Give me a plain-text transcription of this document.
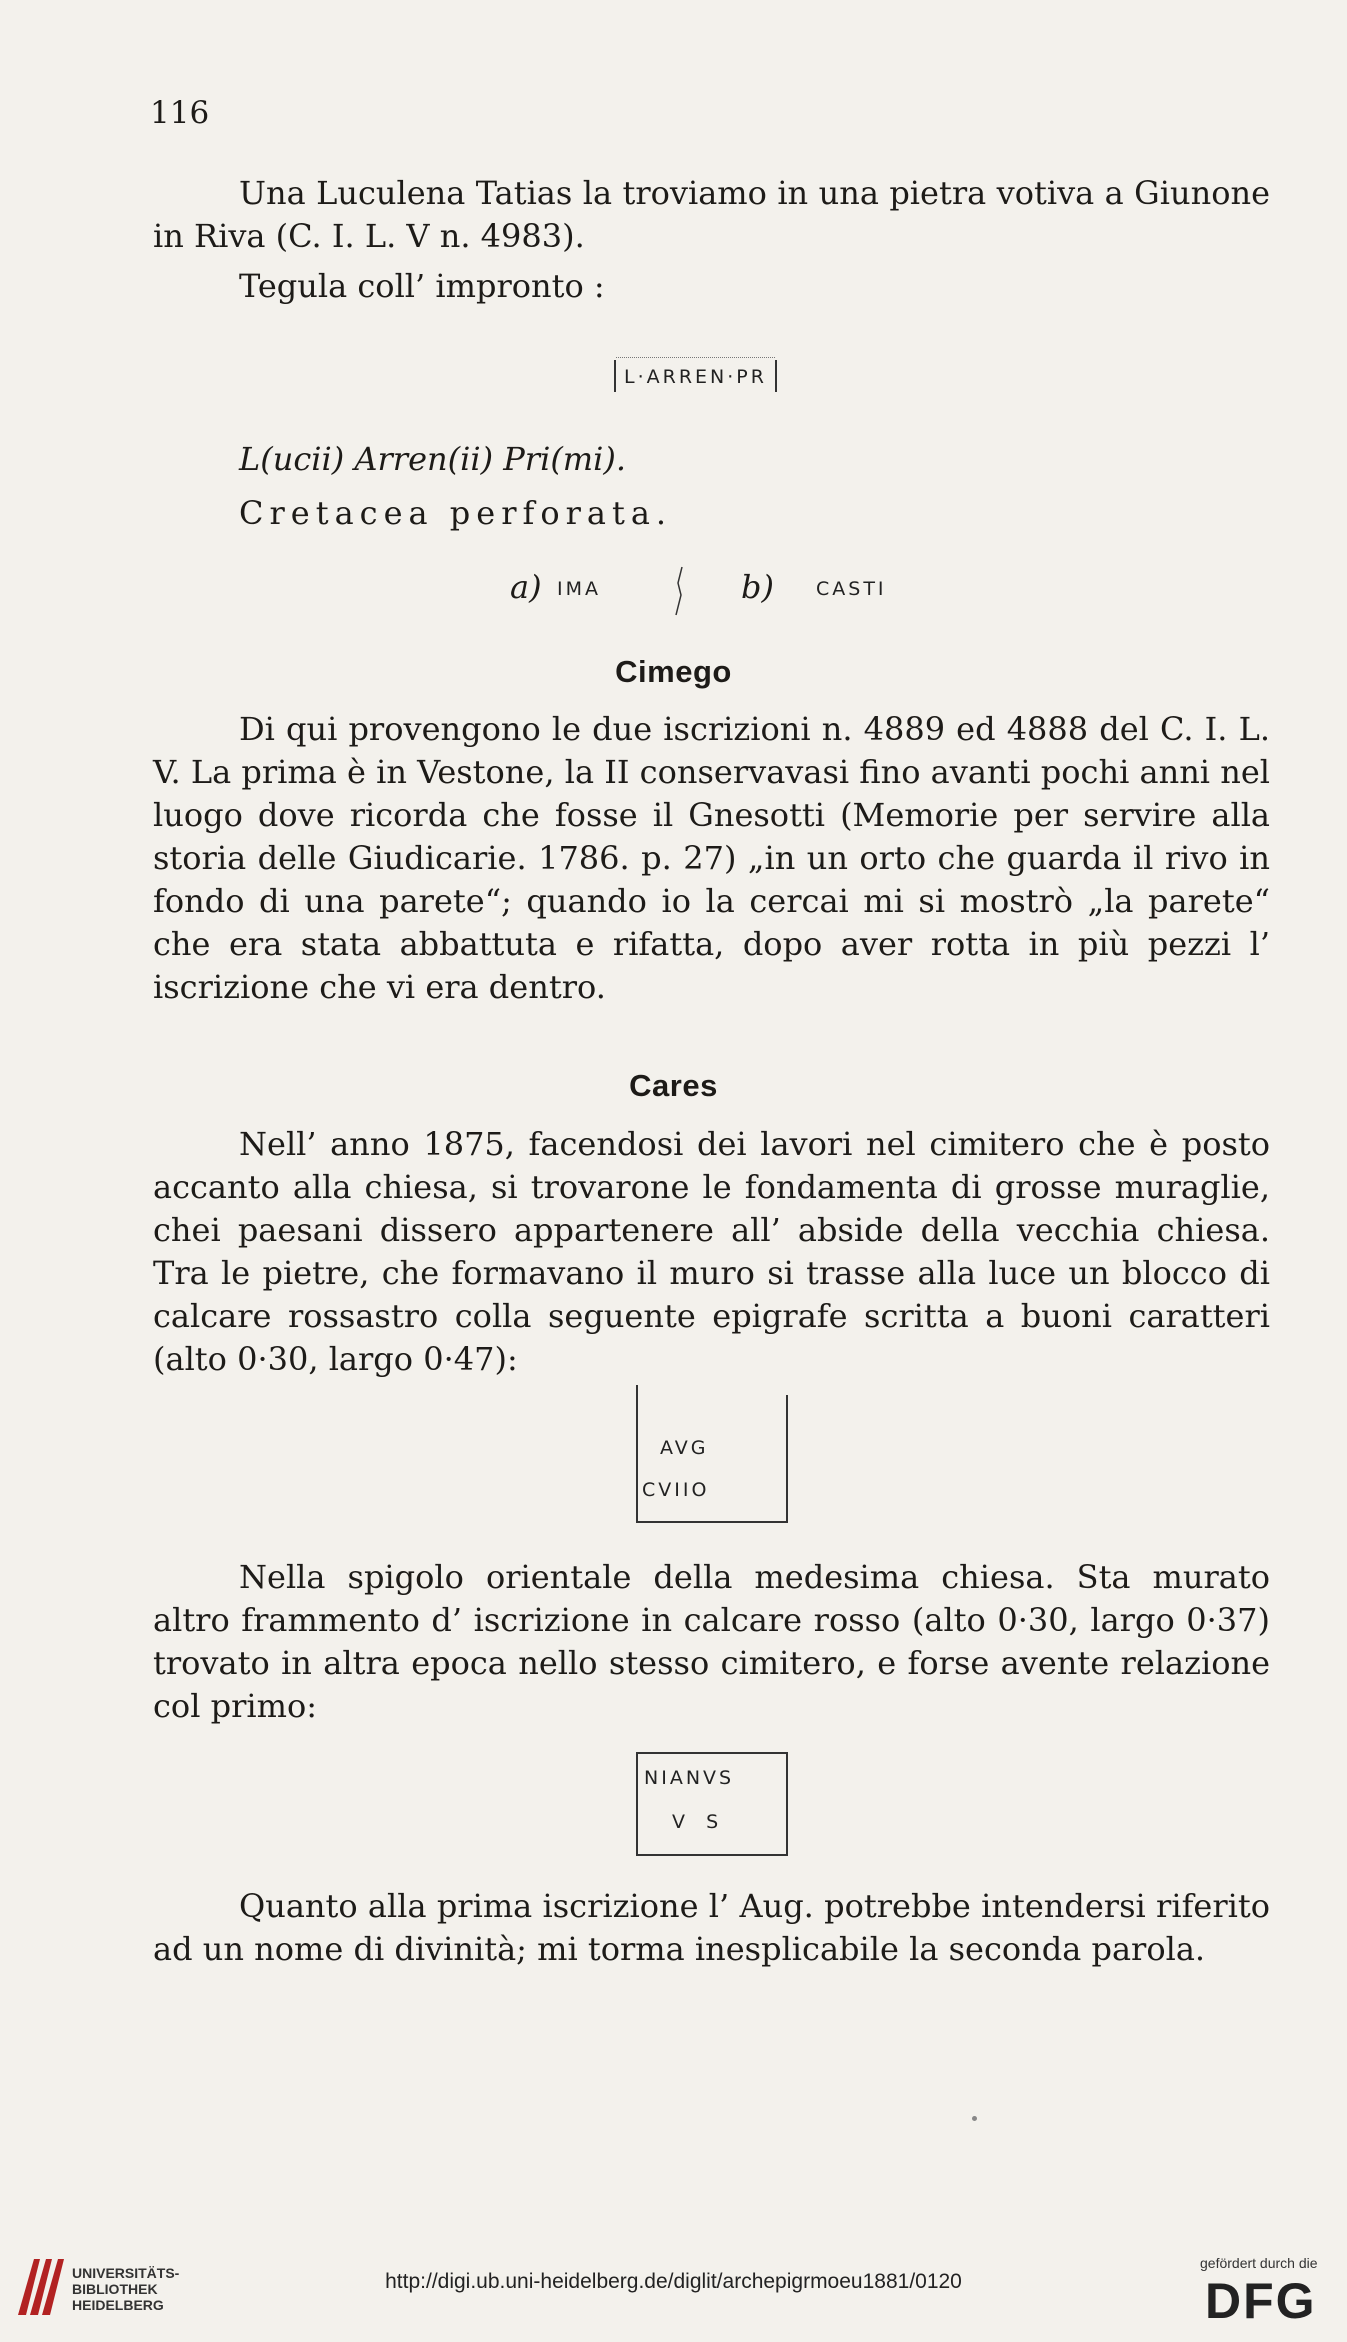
116
Una Luculena Tatias la troviamo in una pietra votiva a Giunone in Riva (C. I. L. V n. 4983).
Tegula coll’ impronto :
L·ARREN·PR
L(ucii) Arren(ii) Pri(mi).
Cretacea perforata.
a) IMA	b) CASTI
Cimego
Di qui provengono le due iscrizioni n. 4889 ed 4888 del C. I. L. V. La prima è in Vestone, la II conservavasi fino avanti pochi anni nel luogo dove ricorda che fosse il Gnesotti (Memorie per servire alla storia delle Giudicarie. 1786. p. 27) „in un orto che guarda il rivo in fondo di una parete“; quando io la cercai mi si mostrò „la parete“ che era stata abbattuta e rifatta, dopo aver rotta in più pezzi l’ iscrizione che vi era dentro.
Cares
Nell’ anno 1875, facendosi dei lavori nel cimitero che è posto accanto alla chiesa, si trovarone le fondamenta di grosse muraglie, chei paesani dissero appartenere all’ abside della vecchia chiesa. Tra le pietre, che formavano il muro si trasse alla luce un blocco di calcare rossastro colla seguente epigrafe scritta a buoni caratteri (alto 0·30, largo 0·47):
AVG
CVIIO
Nella spigolo orientale della medesima chiesa. Sta murato altro frammento d’ iscrizione in calcare rosso (alto 0·30, largo 0·37) trovato in altra epoca nello stesso cimitero, e forse avente relazione col primo:
NIANVS
V  S
Quanto alla prima iscrizione l’ Aug. potrebbe intendersi riferito ad un nome di divinità; mi torma inesplicabile la seconda parola.
UNIVERSITÄTS-
BIBLIOTHEK
HEIDELBERG
http://digi.ub.uni-heidelberg.de/diglit/archepigrmoeu1881/0120
gefördert durch die
DFG
